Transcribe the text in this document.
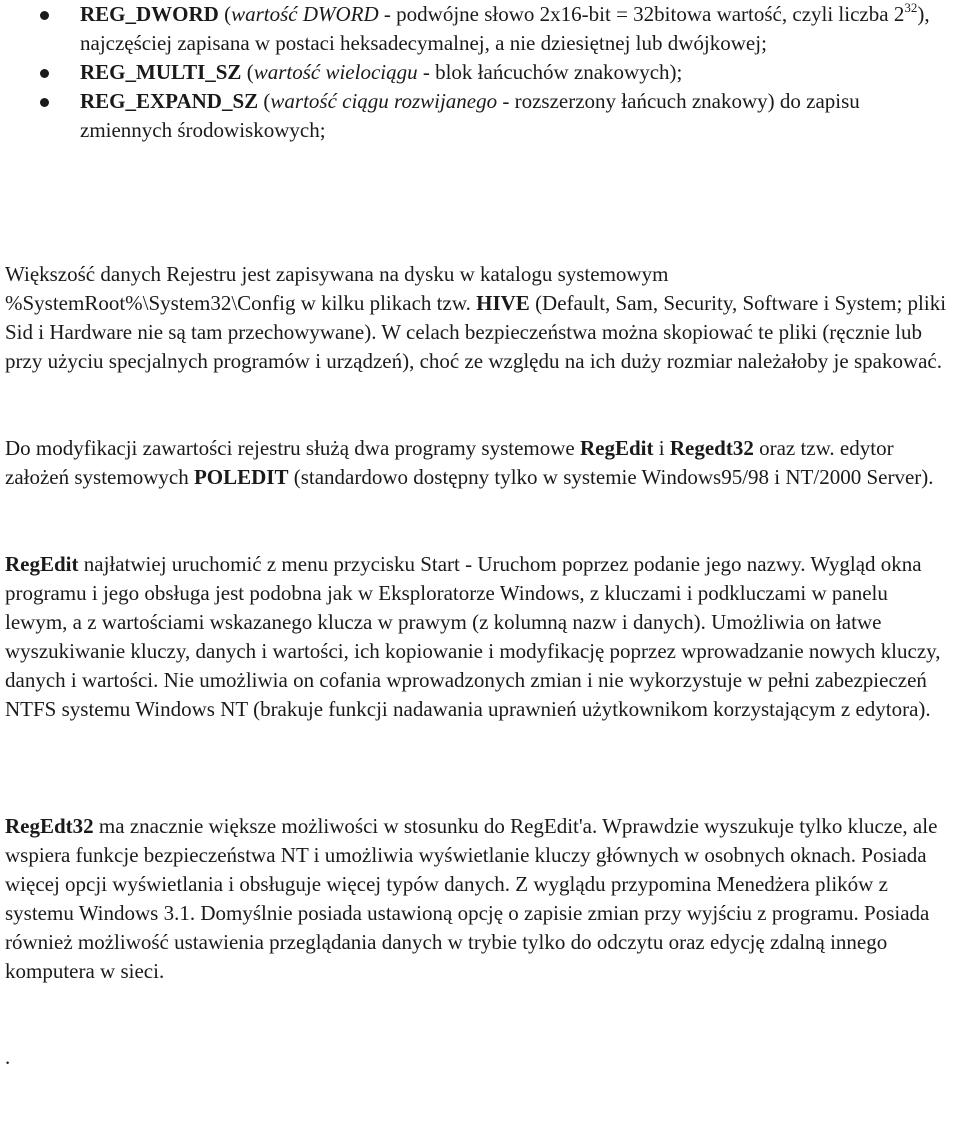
REG_DWORD (wartość DWORD - podwójne słowo 2x16-bit = 32bitowa wartość, czyli liczba $2^{32}$), najczęściej zapisana w postaci heksadecymalnej, a nie dziesiętnej lub dwójkowej;
REG_MULTI_SZ (wartość wielociągu - blok łańcuchów znakowych);
REG_EXPAND_SZ (wartość ciągu rozwijanego - rozszerzony łańcuch znakowy) do zapisu zmiennych środowiskowych;

Większość danych Rejestru jest zapisywana na dysku w katalogu systemowym %SystemRoot%\System32\Config w kilku plikach tzw. HIVE (Default, Sam, Security, Software i System; pliki Sid i Hardware nie są tam przechowywane). W celach bezpieczeństwa można skopiować te pliki (ręcznie lub przy użyciu specjalnych programów i urządzeń), choć ze względu na ich duży rozmiar należałoby je spakować.

Do modyfikacji zawartości rejestru służą dwa programy systemowe RegEdit i Regedt32 oraz tzw. edytor założeń systemowych POLEDIT (standardowo dostępny tylko w systemie Windows95/98 i NT/2000 Server).

RegEdit najłatwiej uruchomić z menu przycisku Start - Uruchom poprzez podanie jego nazwy. Wygląd okna programu i jego obsługa jest podobna jak w Eksploratorze Windows, z kluczami i podkluczami w panelu lewym, a z wartościami wskazanego klucza w prawym (z kolumną nazw i danych). Umożliwia on łatwe wyszukiwanie kluczy, danych i wartości, ich kopiowanie i modyfikację poprzez wprowadzanie nowych kluczy, danych i wartości. Nie umożliwia on cofania wprowadzonych zmian i nie wykorzystuje w pełni zabezpieczeń NTFS systemu Windows NT (brakuje funkcji nadawania uprawnień użytkownikom korzystającym z edytora).

RegEdt32 ma znacznie większe możliwości w stosunku do RegEdit'a. Wprawdzie wyszukuje tylko klucze, ale wspiera funkcje bezpieczeństwa NT i umożliwia wyświetlanie kluczy głównych w osobnych oknach. Posiada więcej opcji wyświetlania i obsługuje więcej typów danych. Z wyglądu przypomina Menedżera plików z systemu Windows 3.1. Domyślnie posiada ustawioną opcję o zapisie zmian przy wyjściu z programu. Posiada również możliwość ustawienia przeglądania danych w trybie tylko do odczytu oraz edycję zdalną innego komputera w sieci.

.
